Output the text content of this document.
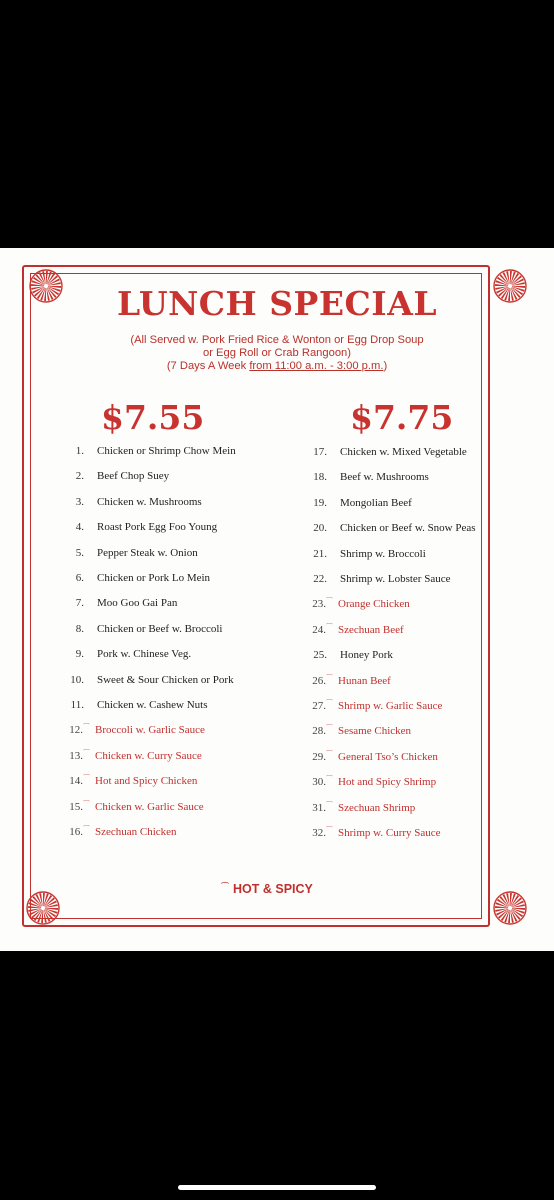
LUNCH SPECIAL
(All Served w. Pork Fried Rice & Wonton or Egg Drop Soup
or Egg Roll or Crab Rangoon)
(7 Days A Week from 11:00 a.m. - 3:00 p.m.)
$7.55	$7.75
1. Chicken or Shrimp Chow Mein
2. Beef Chop Suey
3. Chicken w. Mushrooms
4. Roast Pork Egg Foo Young
5. Pepper Steak w. Onion
6. Chicken or Pork Lo Mein
7. Moo Goo Gai Pan
8. Chicken or Beef w. Broccoli
9. Pork w. Chinese Veg.
10. Sweet & Sour Chicken or Pork
11. Chicken w. Cashew Nuts
12. ⌒ Broccoli w. Garlic Sauce
13. ⌒ Chicken w. Curry Sauce
14. ⌒ Hot and Spicy Chicken
15. ⌒ Chicken w. Garlic Sauce
16. ⌒ Szechuan Chicken
17. Chicken w. Mixed Vegetable
18. Beef w. Mushrooms
19. Mongolian Beef
20. Chicken or Beef w. Snow Peas
21. Shrimp w. Broccoli
22. Shrimp w. Lobster Sauce
23. ⌒ Orange Chicken
24. ⌒ Szechuan Beef
25. Honey Pork
26. ⌒ Hunan Beef
27. ⌒ Shrimp w. Garlic Sauce
28. ⌒ Sesame Chicken
29. ⌒ General Tso’s Chicken
30. ⌒ Hot and Spicy Shrimp
31. ⌒ Szechuan Shrimp
32. ⌒ Shrimp w. Curry Sauce
⌒ HOT & SPICY
